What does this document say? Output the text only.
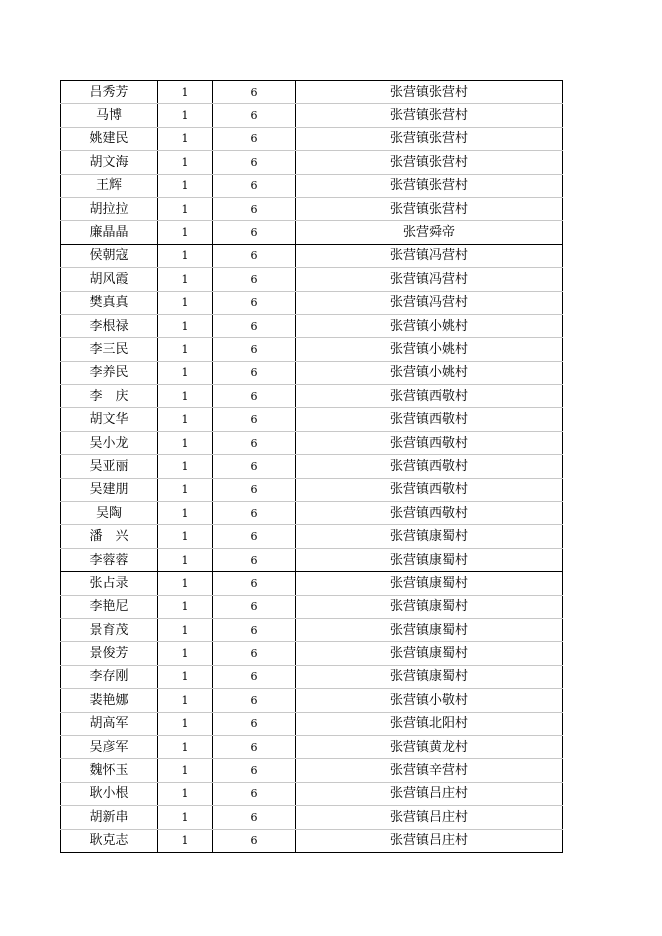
吕秀芳	1	6	张营镇张营村
马博	1	6	张营镇张营村
姚建民	1	6	张营镇张营村
胡文海	1	6	张营镇张营村
王辉	1	6	张营镇张营村
胡拉拉	1	6	张营镇张营村
廉晶晶	1	6	张营舜帝
侯朝寇	1	6	张营镇冯营村
胡风霞	1	6	张营镇冯营村
樊真真	1	6	张营镇冯营村
李根禄	1	6	张营镇小姚村
李三民	1	6	张营镇小姚村
李养民	1	6	张营镇小姚村
李　庆	1	6	张营镇西敬村
胡文华	1	6	张营镇西敬村
吴小龙	1	6	张营镇西敬村
吴亚丽	1	6	张营镇西敬村
吴建朋	1	6	张营镇西敬村
吴陶	1	6	张营镇西敬村
潘　兴	1	6	张营镇康蜀村
李蓉蓉	1	6	张营镇康蜀村
张占录	1	6	张营镇康蜀村
李艳尼	1	6	张营镇康蜀村
景育茂	1	6	张营镇康蜀村
景俊芳	1	6	张营镇康蜀村
李存刚	1	6	张营镇康蜀村
裴艳娜	1	6	张营镇小敬村
胡高军	1	6	张营镇北阳村
吴彦军	1	6	张营镇黄龙村
魏怀玉	1	6	张营镇辛营村
耿小根	1	6	张营镇吕庄村
胡新串	1	6	张营镇吕庄村
耿克志	1	6	张营镇吕庄村
